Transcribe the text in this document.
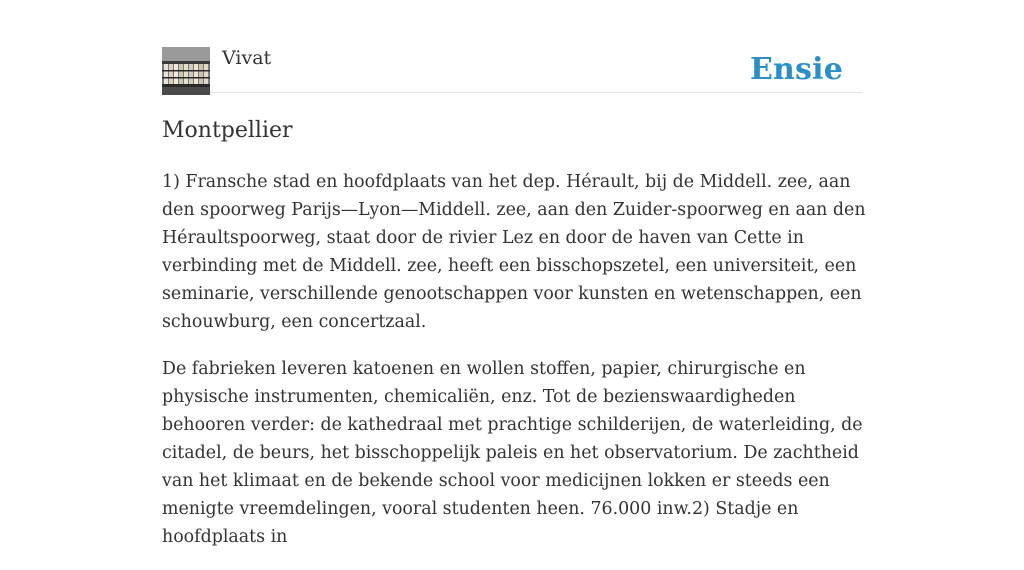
Vivat	Ensie
Montpellier

1) Fransche stad en hoofdplaats van het dep. Hérault, bij de Middell. zee, aan den spoorweg Parijs—Lyon—Middell. zee, aan den Zuider-spoorweg en aan den Héraultspoorweg, staat door de rivier Lez en door de haven van Cette in verbinding met de Middell. zee, heeft een bisschopszetel, een universiteit, een seminarie, verschillende genootschappen voor kunsten en wetenschappen, een schouwburg, een concertzaal.

De fabrieken leveren katoenen en wollen stoffen, papier, chirurgische en physische instrumenten, chemicaliën, enz. Tot de bezienswaardigheden behooren verder: de kathedraal met prachtige schilderijen, de waterleiding, de citadel, de beurs, het bisschoppelijk paleis en het observatorium. De zachtheid van het klimaat en de bekende school voor medicijnen lokken er steeds een menigte vreemdelingen, vooral studenten heen. 76.000 inw.2) Stadje en hoofdplaats in
